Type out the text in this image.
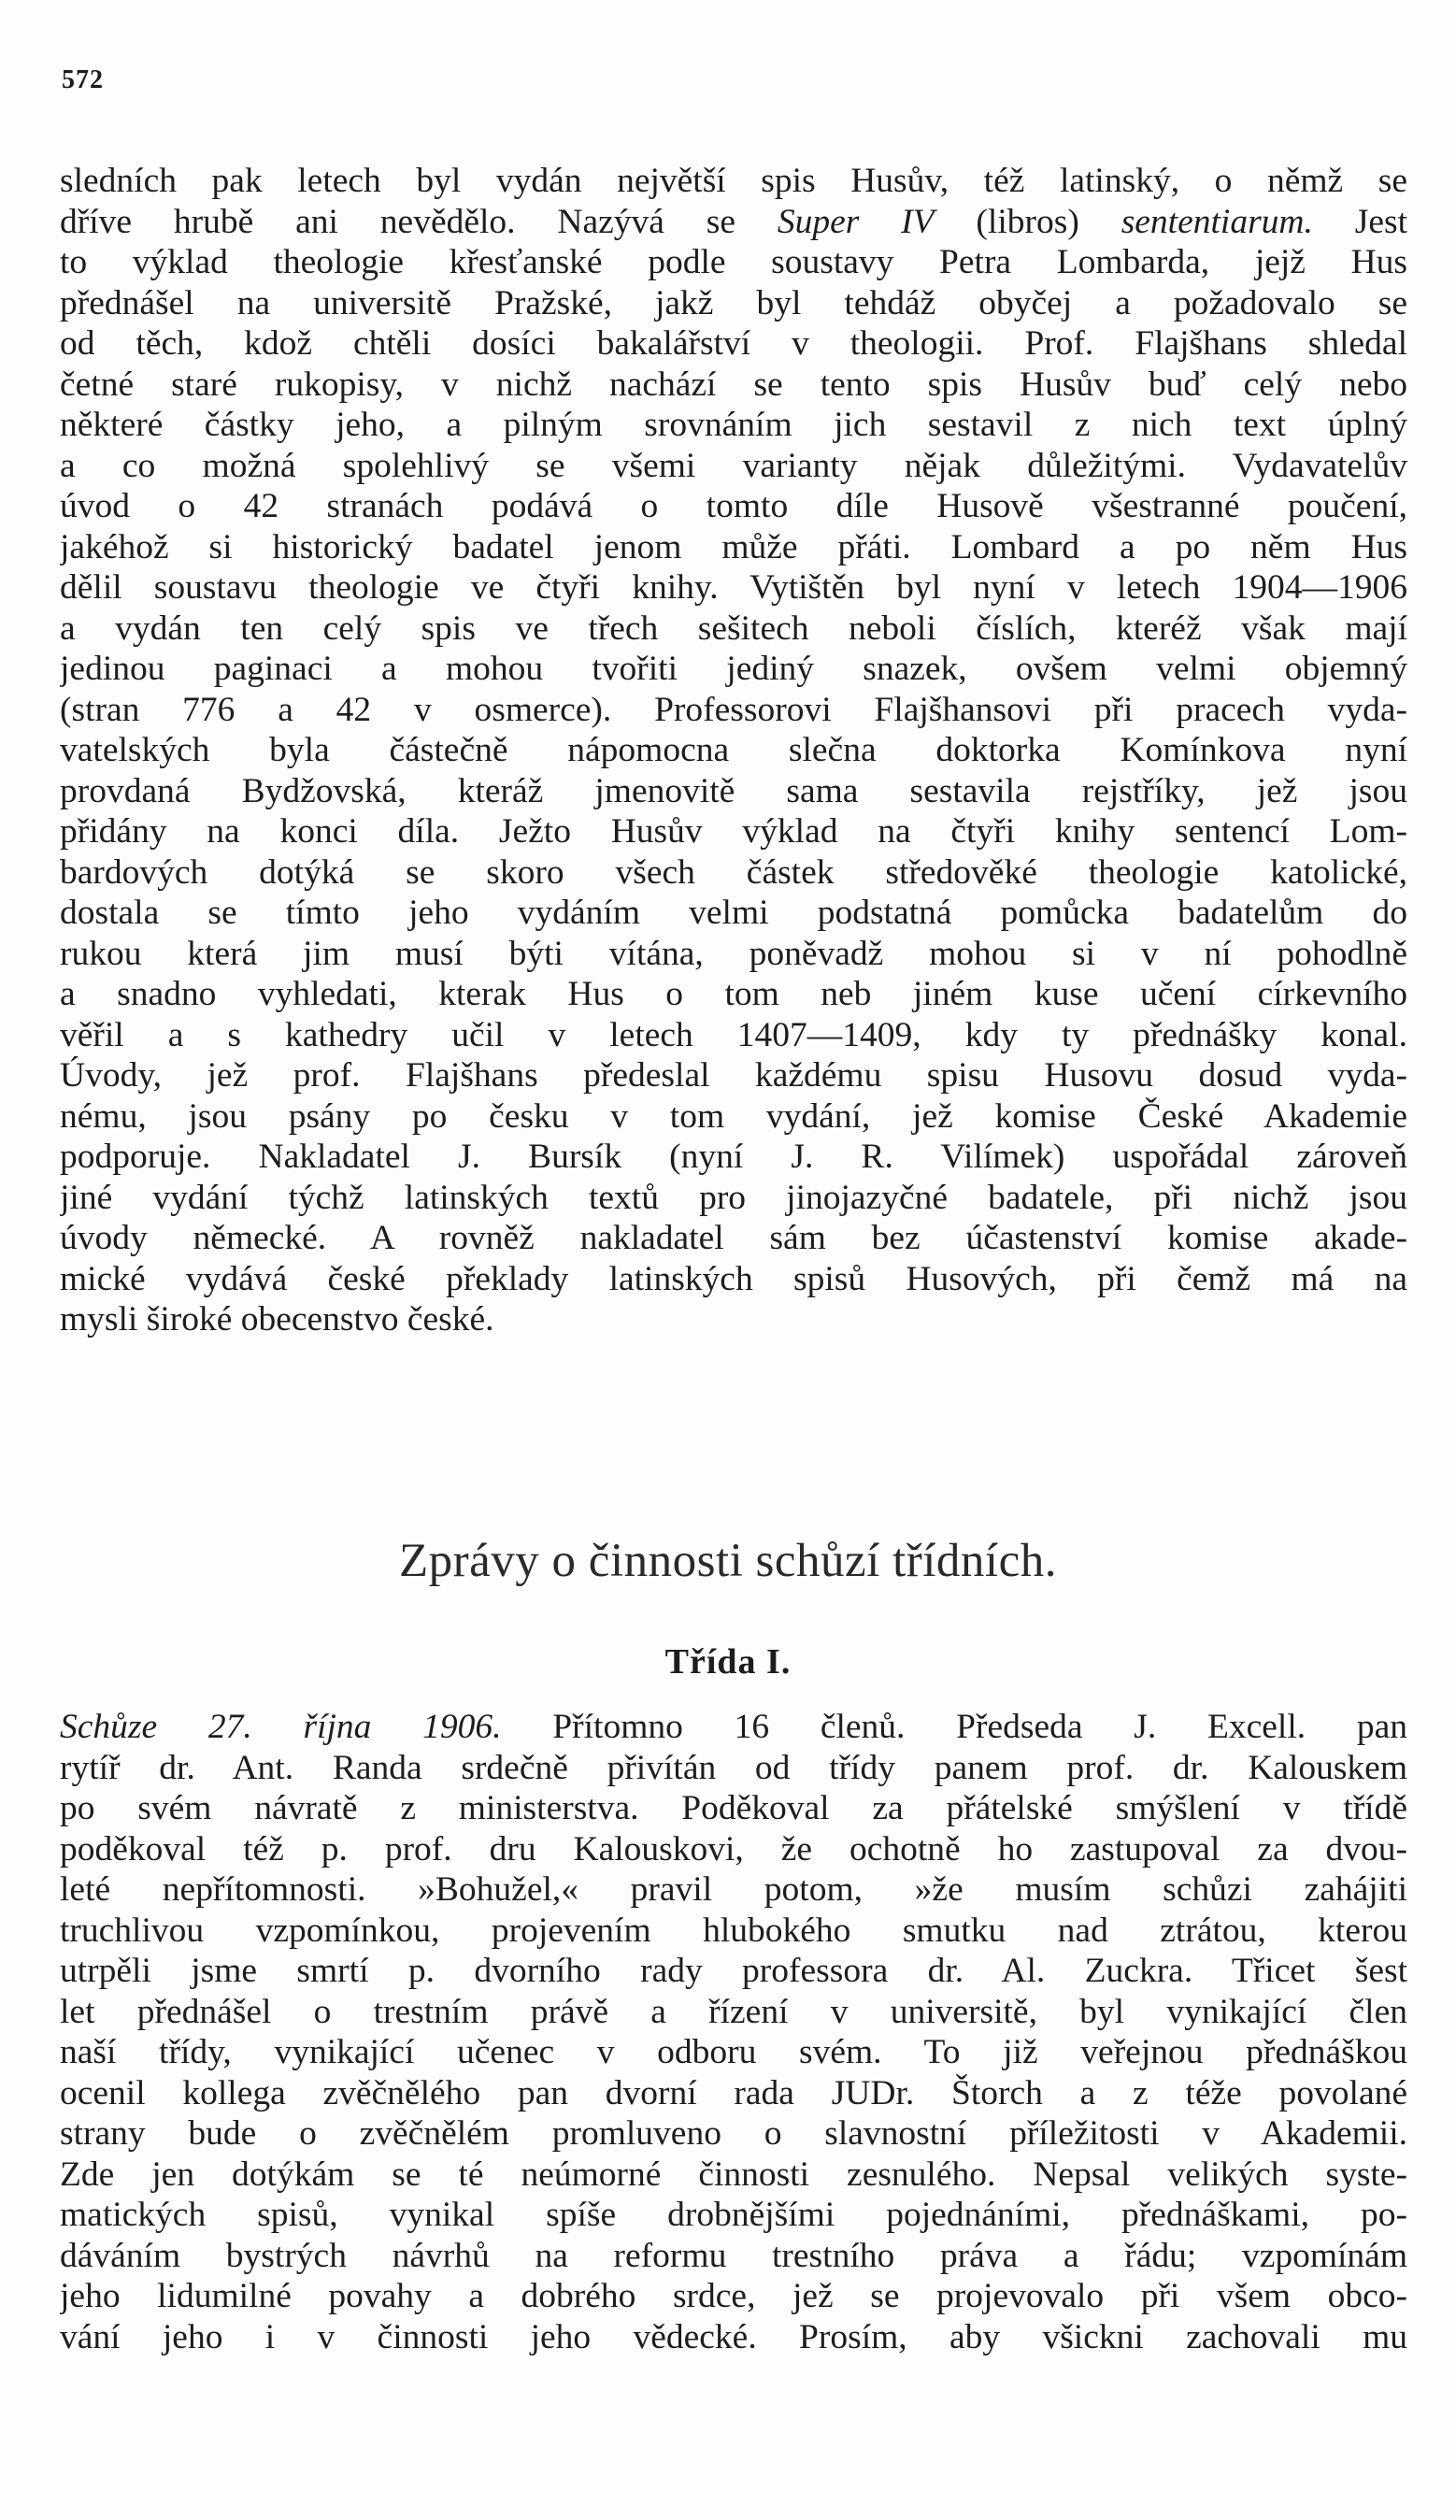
572
sledních pak letech byl vydán největší spis Husův, též latinský, o němž se
dříve hrubě ani nevědělo. Nazývá se Super IV (libros) sententiarum. Jest
to výklad theologie křesťanské podle soustavy Petra Lombarda, jejž Hus
přednášel na universitě Pražské, jakž byl tehdáž obyčej a požadovalo se
od těch, kdož chtěli dosíci bakalářství v theologii. Prof. Flajšhans shledal
četné staré rukopisy, v nichž nachází se tento spis Husův buď celý nebo
některé částky jeho, a pilným srovnáním jich sestavil z nich text úplný
a co možná spolehlivý se všemi varianty nějak důležitými. Vydavatelův
úvod o 42 stranách podává o tomto díle Husově všestranné poučení,
jakéhož si historický badatel jenom může přáti. Lombard a po něm Hus
dělil soustavu theologie ve čtyři knihy. Vytištěn byl nyní v letech 1904—1906
a vydán ten celý spis ve třech sešitech neboli číslích, kteréž však mají
jedinou paginaci a mohou tvořiti jediný snazek, ovšem velmi objemný
(stran 776 a 42 v osmerce). Professorovi Flajšhansovi při pracech vyda-
vatelských byla částečně nápomocna slečna doktorka Komínkova nyní
provdaná Bydžovská, kteráž jmenovitě sama sestavila rejstříky, jež jsou
přidány na konci díla. Ježto Husův výklad na čtyři knihy sentencí Lom-
bardových dotýká se skoro všech částek středověké theologie katolické,
dostala se tímto jeho vydáním velmi podstatná pomůcka badatelům do
rukou která jim musí býti vítána, poněvadž mohou si v ní pohodlně
a snadno vyhledati, kterak Hus o tom neb jiném kuse učení církevního
věřil a s kathedry učil v letech 1407—1409, kdy ty přednášky konal.
Úvody, jež prof. Flajšhans předeslal každému spisu Husovu dosud vyda-
nému, jsou psány po česku v tom vydání, jež komise České Akademie
podporuje. Nakladatel J. Bursík (nyní J. R. Vilímek) uspořádal zároveň
jiné vydání týchž latinských textů pro jinojazyčné badatele, při nichž jsou
úvody německé. A rovněž nakladatel sám bez účastenství komise akade-
mické vydává české překlady latinských spisů Husových, při čemž má na
mysli široké obecenstvo české.
Zprávy o činnosti schůzí třídních.
Třída I.
Schůze 27. října 1906. Přítomno 16 členů. Předseda J. Excell. pan
rytíř dr. Ant. Randa srdečně přivítán od třídy panem prof. dr. Kalouskem
po svém návratě z ministerstva. Poděkoval za přátelské smýšlení v třídě
poděkoval též p. prof. dru Kalouskovi, že ochotně ho zastupoval za dvou-
leté nepřítomnosti. »Bohužel,« pravil potom, »že musím schůzi zahájiti
truchlivou vzpomínkou, projevením hlubokého smutku nad ztrátou, kterou
utrpěli jsme smrtí p. dvorního rady professora dr. Al. Zuckra. Třicet šest
let přednášel o trestním právě a řízení v universitě, byl vynikající člen
naší třídy, vynikající učenec v odboru svém. To již veřejnou přednáškou
ocenil kollega zvěčnělého pan dvorní rada JUDr. Štorch a z téže povolané
strany bude o zvěčnělém promluveno o slavnostní příležitosti v Akademii.
Zde jen dotýkám se té neúmorné činnosti zesnulého. Nepsal velikých syste-
matických spisů, vynikal spíše drobnějšími pojednáními, přednáškami, po-
dáváním bystrých návrhů na reformu trestního práva a řádu; vzpomínám
jeho lidumilné povahy a dobrého srdce, jež se projevovalo při všem obco-
vání jeho i v činnosti jeho vědecké. Prosím, aby všickni zachovali mu
